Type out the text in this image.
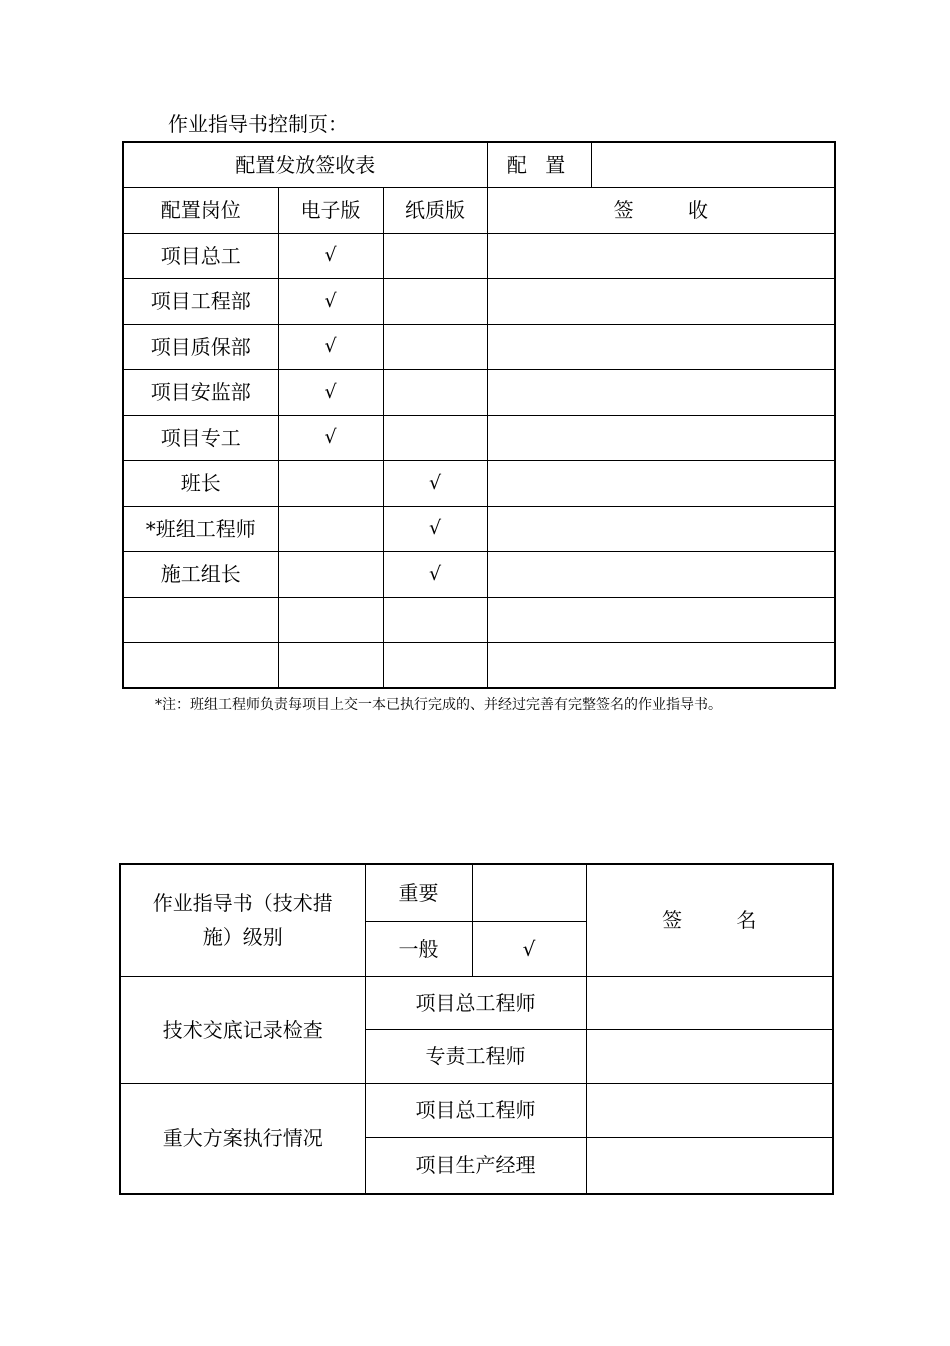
作业指导书控制页：
配置发放签收表			配 置	
配置岗位	电子版	纸质版	签 收	
项目总工	√			
项目工程部	√			
项目质保部	√			
项目安监部	√			
项目专工	√			
班长		√		
*班组工程师		√		
施工组长		√		

*注：班组工程师负责每项目上交一本已执行完成的、并经过完善有完整签名的作业指导书。
作业指导书（技术措施）级别	重要		签 名
	一般	√	
技术交底记录检查	项目总工程师		
	专责工程师		
重大方案执行情况	项目总工程师		
	项目生产经理		
